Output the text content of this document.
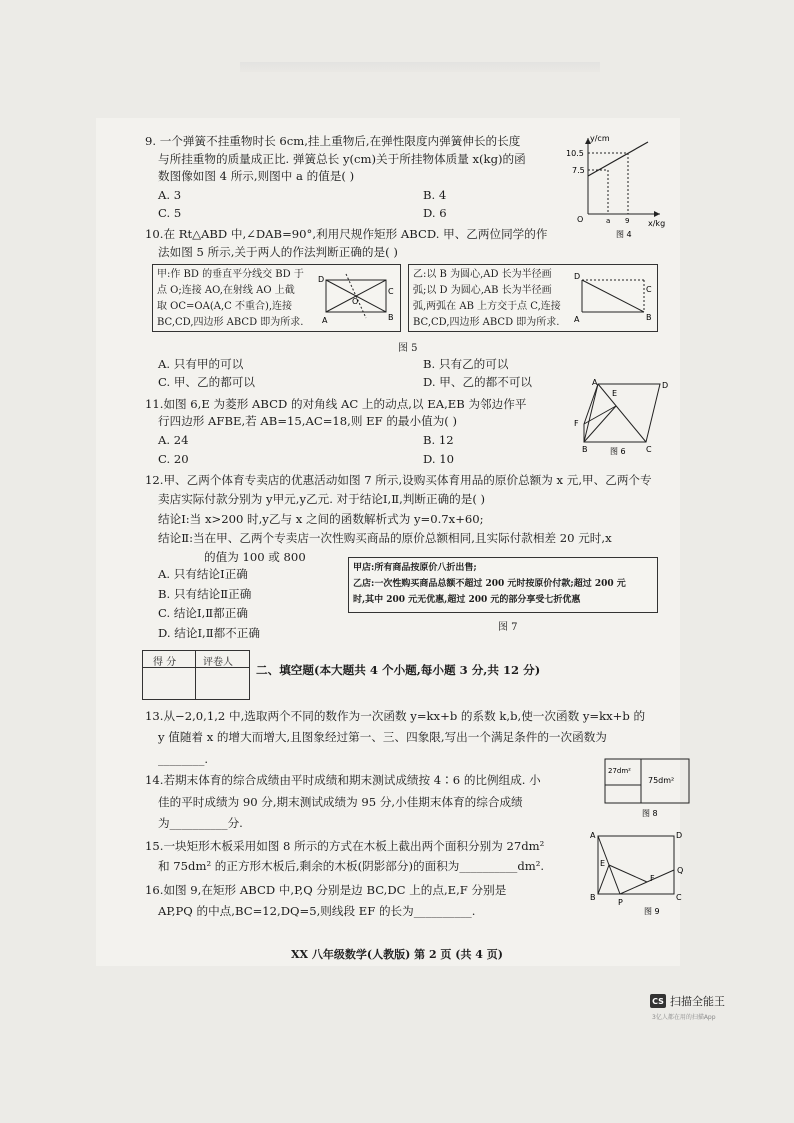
9. 一个弹簧不挂重物时长 6cm,挂上重物后,在弹性限度内弹簧伸长的长度
与所挂重物的质量成正比. 弹簧总长 y(cm)关于所挂物体质量 x(kg)的函
数图像如图 4 所示,则图中 a 的值是( )
A. 3	B. 4
C. 5	D. 6
y/cm
x/kg
10.5
7.5
O	a 9
图 4
10.在 Rt△ABD 中,∠DAB=90°,利用尺规作矩形 ABCD. 甲、乙两位同学的作
法如图 5 所示,关于两人的作法判断正确的是( )
甲:作 BD 的垂直平分线交 BD 于
点 O;连接 AO,在射线 AO 上截
取 OC=OA(A,C 不重合),连接
BC,CD,四边形 ABCD 即为所求.
D
C
A
O
B
乙:以 B 为圆心,AD 长为半径画
弧;以 D 为圆心,AB 长为半径画
弧,两弧在 AB 上方交于点 C,连接
BC,CD,四边形 ABCD 即为所求.
D
C
A	B
图 5
A. 只有甲的可以	B. 只有乙的可以
C. 甲、乙的都可以	D. 甲、乙的都不可以
11.如图 6,E 为菱形 ABCD 的对角线 AC 上的动点,以 EA,EB 为邻边作平
行四边形 AFBE,若 AB=15,AC=18,则 EF 的最小值为( )
A. 24	B. 12
C. 20	D. 10
A
E
D
F
B	C
图 6
12.甲、乙两个体育专卖店的优惠活动如图 7 所示,设购买体育用品的原价总额为 x 元,甲、乙两个专
卖店实际付款分别为 y甲元,y乙元. 对于结论Ⅰ,Ⅱ,判断正确的是( )
结论Ⅰ:当 x>200 时,y乙与 x 之间的函数解析式为 y=0.7x+60;
结论Ⅱ:当在甲、乙两个专卖店一次性购买商品的原价总额相同,且实际付款相差 20 元时,x
的值为 100 或 800
A. 只有结论Ⅰ正确
B. 只有结论Ⅱ正确
C. 结论Ⅰ,Ⅱ都正确
D. 结论Ⅰ,Ⅱ都不正确
甲店:所有商品按原价八折出售;
乙店:一次性购买商品总额不超过 200 元时按原价付款;超过 200 元
时,其中 200 元无优惠,超过 200 元的部分享受七折优惠
图 7
得 分	评卷人
二、填空题(本大题共 4 个小题,每小题 3 分,共 12 分)
13.从−2,0,1,2 中,选取两个不同的数作为一次函数 y=kx+b 的系数 k,b,使一次函数 y=kx+b 的
y 值随着 x 的增大而增大,且图象经过第一、三、四象限,写出一个满足条件的一次函数为
________.
14.若期末体育的综合成绩由平时成绩和期末测试成绩按 4∶6 的比例组成. 小
佳的平时成绩为 90 分,期末测试成绩为 95 分,小佳期末体育的综合成绩
为__________分.
27dm²
75dm²
图 8
15.一块矩形木板采用如图 8 所示的方式在木板上截出两个面积分别为 27dm²
和 75dm² 的正方形木板后,剩余的木板(阴影部分)的面积为__________dm².
16.如图 9,在矩形 ABCD 中,P,Q 分别是边 BC,DC 上的点,E,F 分别是
AP,PQ 的中点,BC=12,DQ=5,则线段 EF 的长为__________.
A	D
E
Q
F
B
P
C
图 9
XX 八年级数学(人教版) 第 2 页 (共 4 页)
CS 扫描全能王
3亿人都在用的扫描App
